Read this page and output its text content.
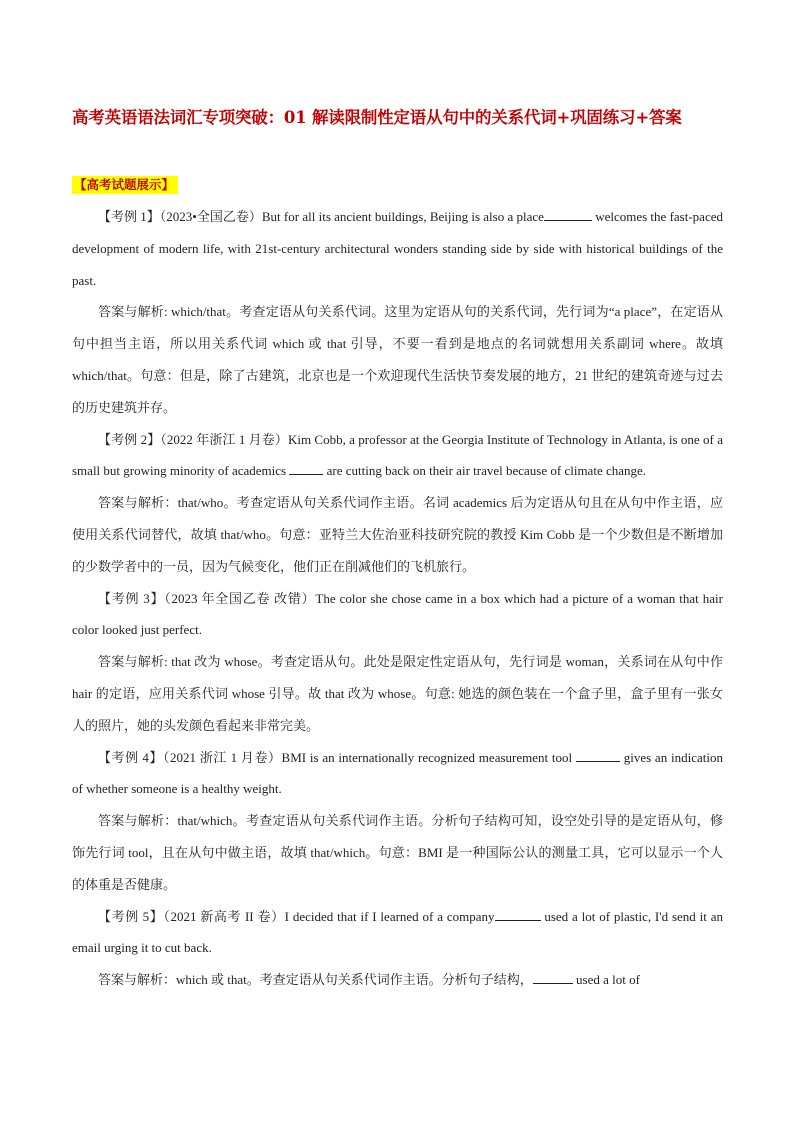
高考英语语法词汇专项突破：01 解读限制性定语从句中的关系代词+巩固练习+答案
【高考试题展示】

【考例 1】（2023•全国乙卷）But for all its ancient buildings, Beijing is also a place	welcomes the fast-paced development of modern life, with 21st-century architectural wonders standing side by side with historical buildings of the past.

答案与解析: which/that。考查定语从句关系代词。这里为定语从句的关系代词，先行词为“a place”，在定语从句中担当主语，所以用关系代词 which 或 that 引导，不要一看到是地点的名词就想用关系副词 where。故填 which/that。句意：但是，除了古建筑，北京也是一个欢迎现代生活快节奏发展的地方，21 世纪的建筑奇迹与过去的历史建筑并存。

【考例 2】（2022 年浙江 1 月卷）Kim Cobb, a professor at the Georgia Institute of Technology in Atlanta, is one of a small but growing minority of academics	are cutting back on their air travel because of climate change.

答案与解析：that/who。考查定语从句关系代词作主语。名词 academics 后为定语从句且在从句中作主语，应使用关系代词替代，故填 that/who。句意：亚特兰大佐治亚科技研究院的教授 Kim Cobb 是一个少数但是不断增加的少数学者中的一员，因为气候变化，他们正在削减他们的飞机旅行。

【考例 3】（2023 年全国乙卷 改错）The color she chose came in a box which had a picture of a woman that hair color looked just perfect.

答案与解析: that 改为 whose。考查定语从句。此处是限定性定语从句，先行词是 woman，关系词在从句中作 hair 的定语，应用关系代词 whose 引导。故 that 改为 whose。句意: 她选的颜色装在一个盒子里，盒子里有一张女人的照片，她的头发颜色看起来非常完美。

【考例 4】（2021 浙江 1 月卷）BMI is an internationally recognized measurement tool	gives an indication of whether someone is a healthy weight.

答案与解析：that/which。考查定语从句关系代词作主语。分析句子结构可知，设空处引导的是定语从句，修饰先行词 tool，且在从句中做主语，故填 that/which。句意：BMI 是一种国际公认的测量工具，它可以显示一个人的体重是否健康。

【考例 5】（2021 新高考 II 卷）I decided that if I learned of a company	used a lot of plastic, I'd send it an email urging it to cut back.

答案与解析：which 或 that。考查定语从句关系代词作主语。分析句子结构，	used a lot of
